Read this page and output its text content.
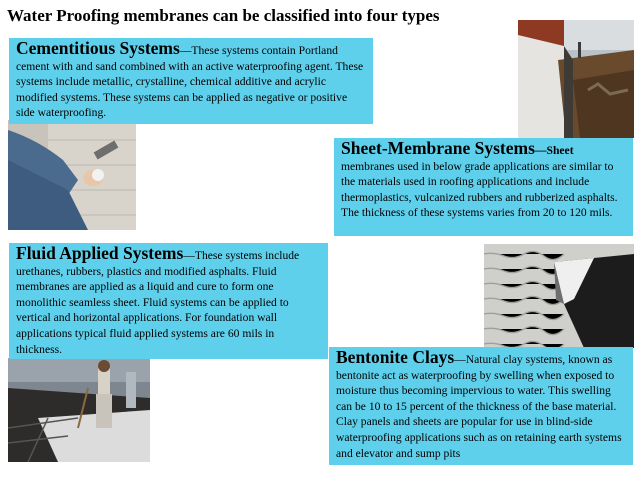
Water Proofing membranes can be classified into four types
Cementitious Systems—These systems contain Portland cement with and sand combined with an active waterproofing agent. These systems include metallic, crystalline, chemical additive and acrylic modified systems. These systems can be applied as negative or positive side waterproofing.
Sheet-Membrane Systems—Sheet membranes used in below grade applications are similar to the materials used in roofing applications and include thermoplastics, vulcanized rubbers and rubberized asphalts. The thickness of these systems varies from 20 to 120 mils.
Fluid Applied Systems—These systems include urethanes, rubbers, plastics and modified asphalts. Fluid membranes are applied as a liquid and cure to form one monolithic seamless sheet. Fluid systems can be applied to vertical and horizontal applications. For foundation wall applications typical fluid applied systems are 60 mils in thickness.	Bentonite Clays—Natural clay systems, known as bentonite act as waterproofing by swelling when exposed to moisture thus becoming impervious to water. This swelling can be 10 to 15 percent of the thickness of the base material. Clay panels and sheets are popular for use in blind-side waterproofing applications such as on retaining earth systems and elevator and sump pits
